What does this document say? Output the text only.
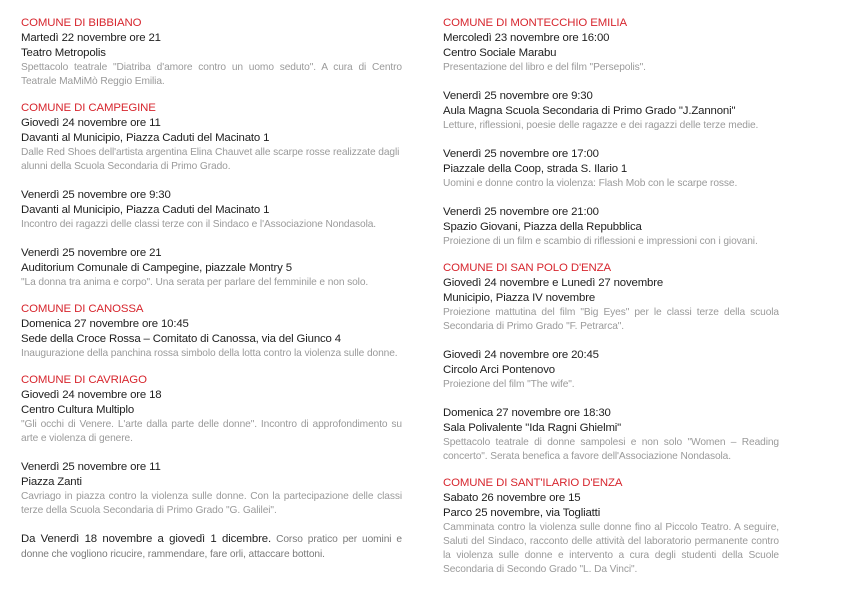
COMUNE DI BIBBIANO

Martedì 22 novembre ore 21

Teatro Metropolis

Spettacolo teatrale "Diatriba d'amore contro un uomo seduto". A cura di Centro Teatrale MaMiMò Reggio Emilia.

COMUNE DI CAMPEGINE

Giovedì 24 novembre ore 11

Davanti al Municipio, Piazza Caduti del Macinato 1

Dalle Red Shoes dell'artista argentina Elina Chauvet alle scarpe rosse realizzate dagli alunni della Scuola Secondaria di Primo Grado.

Venerdì 25 novembre ore 9:30

Davanti al Municipio, Piazza Caduti del Macinato 1

Incontro dei ragazzi delle classi terze con il Sindaco e l'Associazione Nondasola.

Venerdì 25 novembre ore 21

Auditorium Comunale di Campegine, piazzale Montry 5

"La donna tra anima e corpo". Una serata per parlare del femminile e non solo.

COMUNE DI CANOSSA

Domenica 27 novembre ore 10:45

Sede della Croce Rossa – Comitato di Canossa, via del Giunco 4

Inaugurazione della panchina rossa simbolo della lotta contro la violenza sulle donne.

COMUNE DI CAVRIAGO

Giovedì 24 novembre ore 18

Centro Cultura Multiplo

"Gli occhi di Venere. L'arte dalla parte delle donne". Incontro di approfondimento su arte e violenza di genere.

Venerdì 25 novembre ore 11

Piazza Zanti

Cavriago in piazza contro la violenza sulle donne. Con la partecipazione delle classi terze della Scuola Secondaria di Primo Grado "G. Galilei".

Da Venerdì 18 novembre a giovedì 1 dicembre. Corso pratico per uomini e donne che vogliono ricucire, rammendare, fare orli, attaccare bottoni.

COMUNE DI MONTECCHIO EMILIA

Mercoledì 23 novembre ore 16:00

Centro Sociale Marabu

Presentazione del libro e del film "Persepolis".

Venerdì 25 novembre ore 9:30

Aula Magna Scuola Secondaria di Primo Grado "J.Zannoni"

Letture, riflessioni, poesie delle ragazze e dei ragazzi delle terze medie.

Venerdì 25 novembre ore 17:00

Piazzale della Coop, strada S. Ilario 1

Uomini e donne contro la violenza: Flash Mob con le scarpe rosse.

Venerdì 25 novembre ore 21:00

Spazio Giovani, Piazza della Repubblica

Proiezione di un film e scambio di riflessioni e impressioni con i giovani.

COMUNE DI SAN POLO D'ENZA

Giovedì 24 novembre e Lunedì 27 novembre

Municipio, Piazza IV novembre

Proiezione mattutina del film "Big Eyes" per le classi terze della scuola Secondaria di Primo Grado "F. Petrarca".

Giovedì 24 novembre ore 20:45

Circolo Arci Pontenovo

Proiezione del film "The wife".

Domenica 27 novembre ore 18:30

Sala Polivalente "Ida Ragni Ghielmi"

Spettacolo teatrale di donne sampolesi e non solo "Women – Reading concerto". Serata benefica a favore dell'Associazione Nondasola.

COMUNE DI SANT'ILARIO D'ENZA

Sabato 26 novembre ore 15

Parco 25 novembre, via Togliatti

Camminata contro la violenza sulle donne fino al Piccolo Teatro. A seguire, Saluti del Sindaco, racconto delle attività del laboratorio permanente contro la violenza sulle donne e intervento a cura degli studenti della Scuole Secondaria di Secondo Grado "L. Da Vinci".
